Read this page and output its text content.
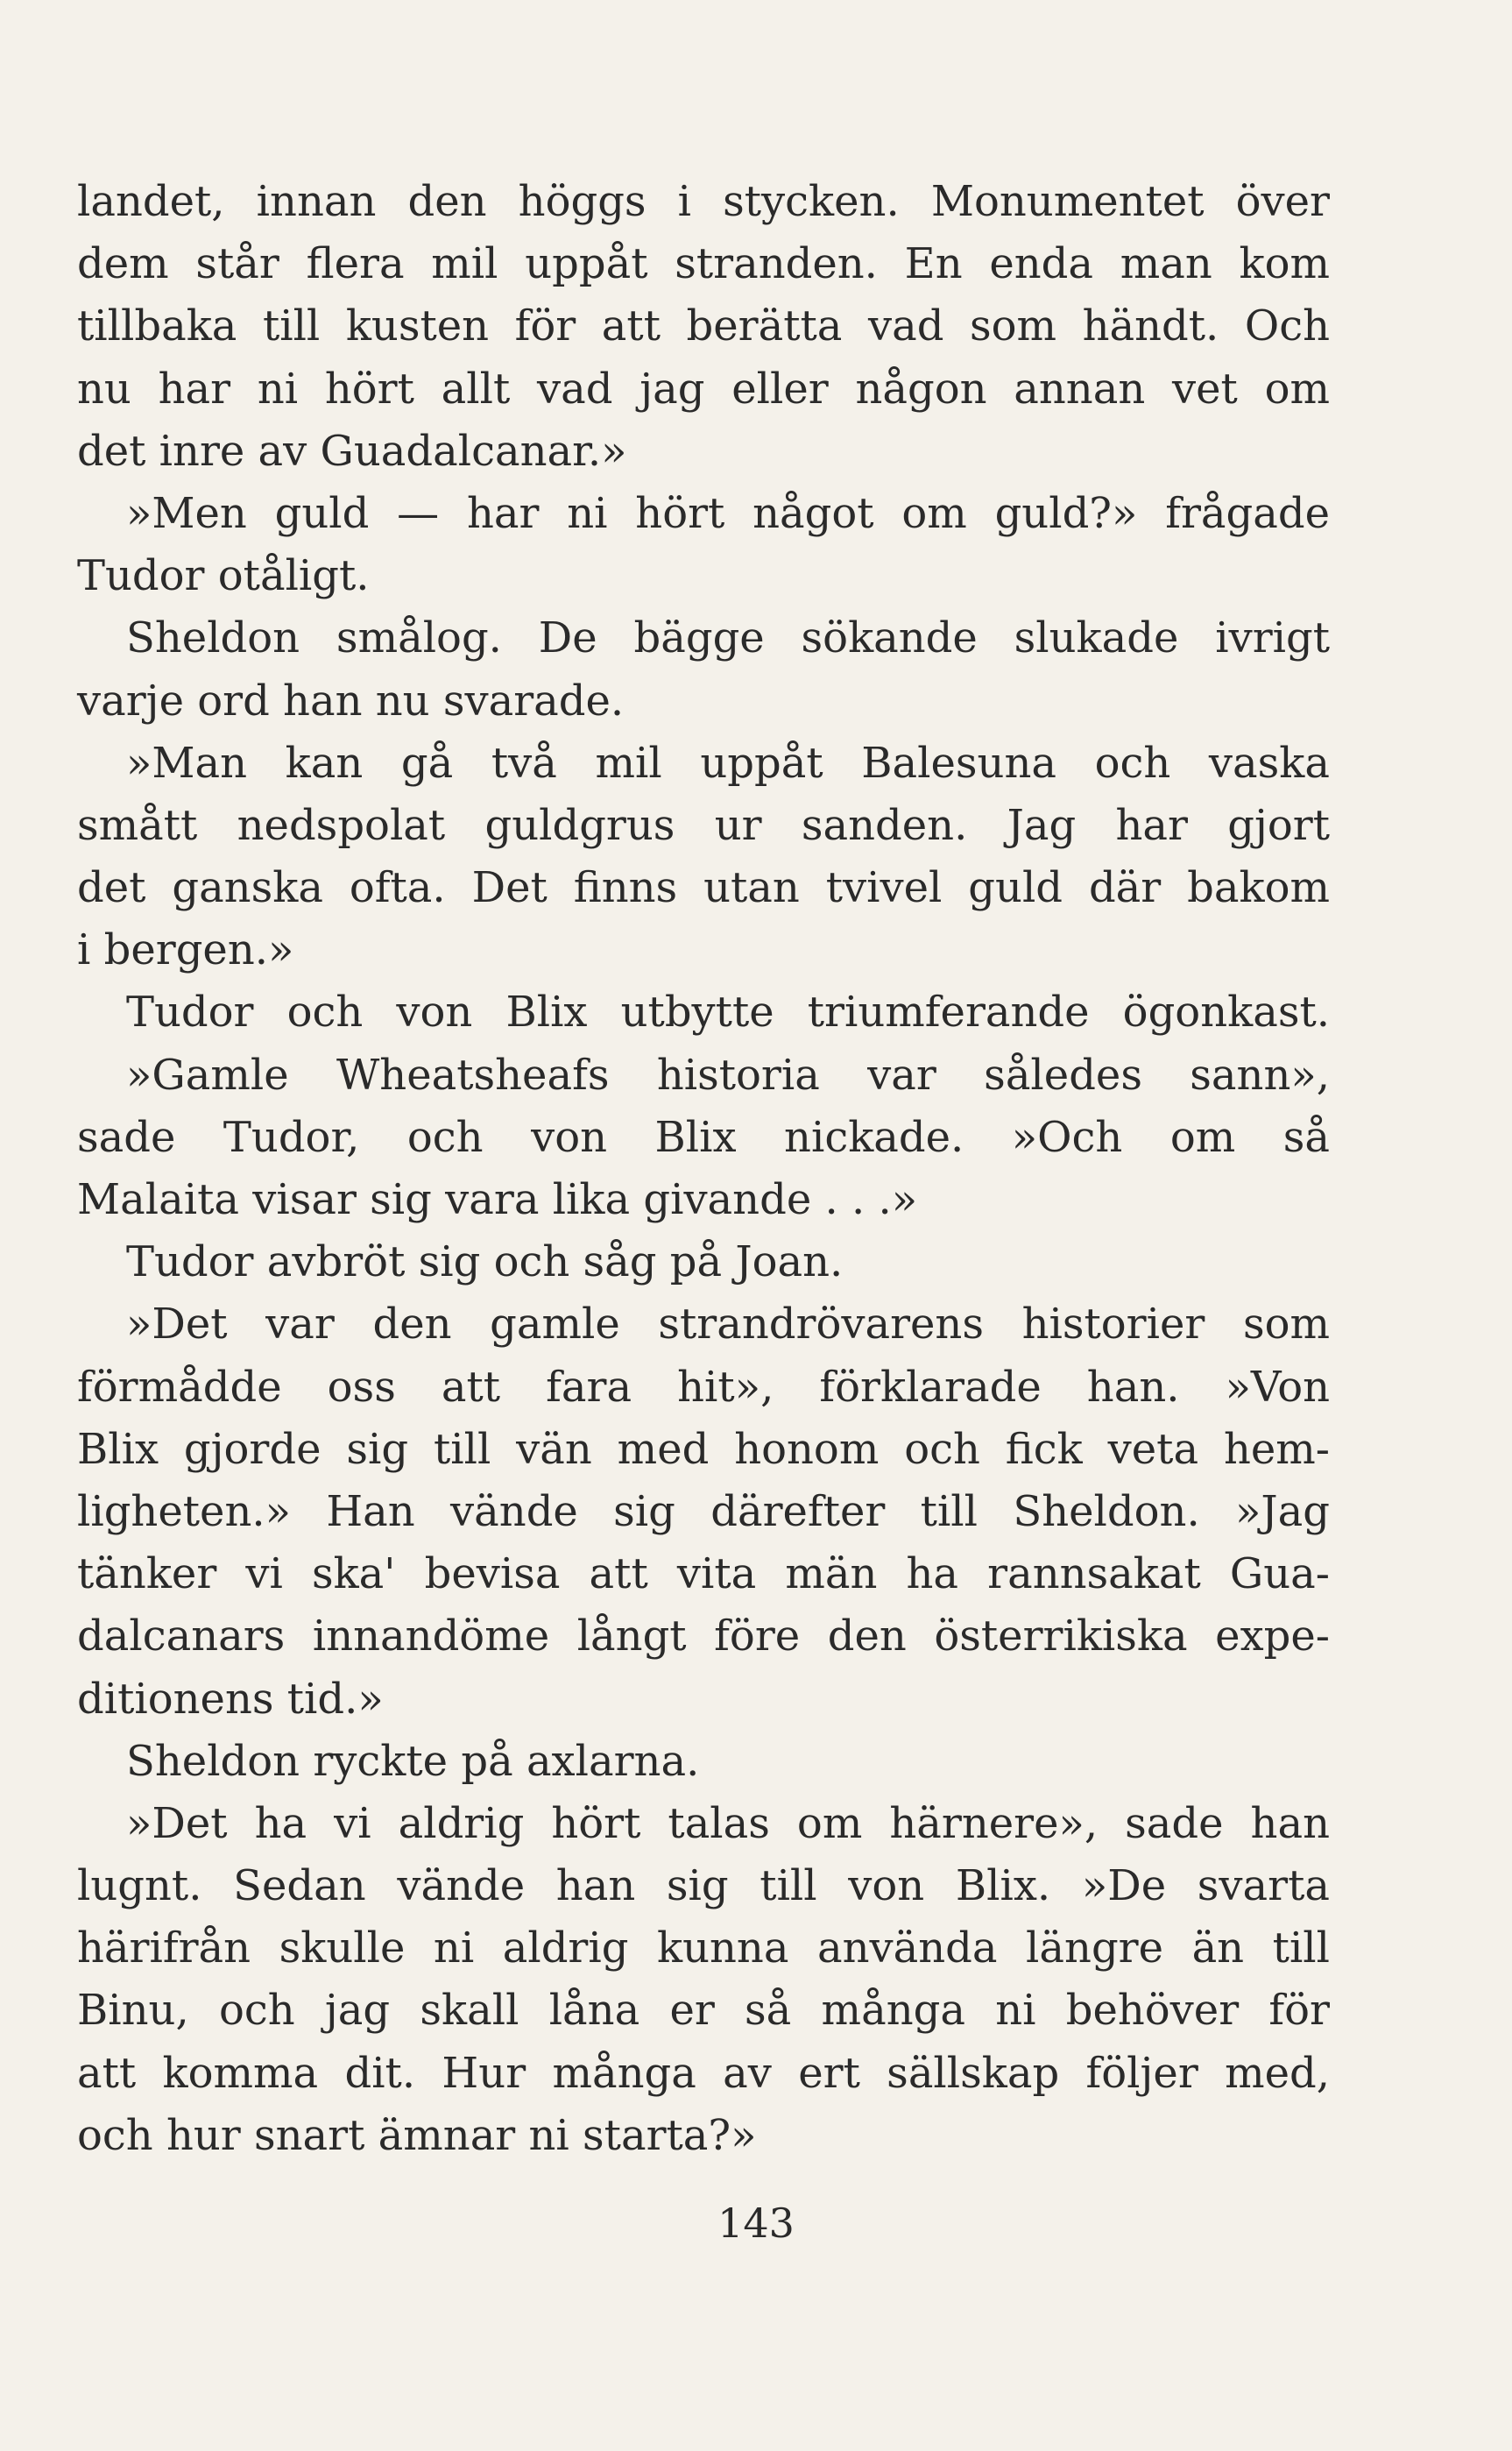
landet, innan den höggs i stycken. Monumentet över
dem står flera mil uppåt stranden. En enda man kom
tillbaka till kusten för att berätta vad som händt. Och
nu har ni hört allt vad jag eller någon annan vet om
det inre av Guadalcanar.»
»Men guld — har ni hört något om guld?» frågade
Tudor otåligt.
Sheldon smålog. De bägge sökande slukade ivrigt
varje ord han nu svarade.
»Man kan gå två mil uppåt Balesuna och vaska
smått nedspolat guldgrus ur sanden. Jag har gjort
det ganska ofta. Det finns utan tvivel guld där bakom
i bergen.»
Tudor och von Blix utbytte triumferande ögonkast.
»Gamle Wheatsheafs historia var således sann»,
sade Tudor, och von Blix nickade. »Och om så
Malaita visar sig vara lika givande . . .»
Tudor avbröt sig och såg på Joan.
»Det var den gamle strandrövarens historier som
förmådde oss att fara hit», förklarade han. »Von
Blix gjorde sig till vän med honom och fick veta hem-
ligheten.» Han vände sig därefter till Sheldon. »Jag
tänker vi ska' bevisa att vita män ha rannsakat Gua-
dalcanars innandöme långt före den österrikiska expe-
ditionens tid.»
Sheldon ryckte på axlarna.
»Det ha vi aldrig hört talas om härnere», sade han
lugnt. Sedan vände han sig till von Blix. »De svarta
härifrån skulle ni aldrig kunna använda längre än till
Binu, och jag skall låna er så många ni behöver för
att komma dit. Hur många av ert sällskap följer med,
och hur snart ämnar ni starta?»
143
